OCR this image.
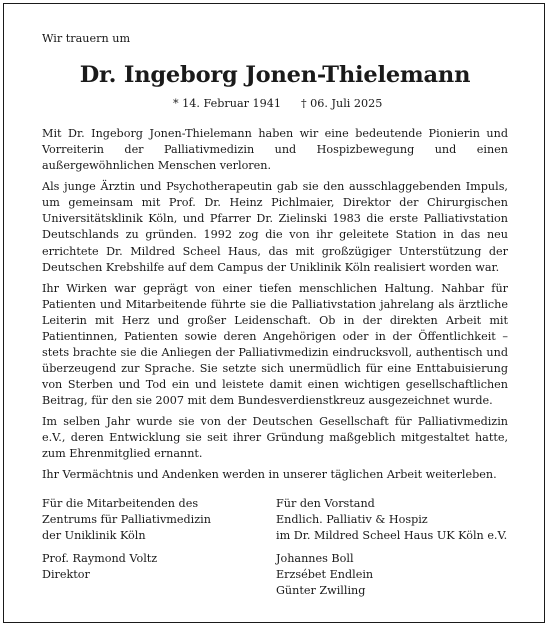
Wir trauern um
Dr. Ingeborg Jonen-Thielemann
* 14. Februar 1941 † 06. Juli 2025

Mit Dr. Ingeborg Jonen-Thielemann haben wir eine bedeutende Pionierin und Vorreiterin der Palliativmedizin und Hospizbewegung und einen außergewöhnlichen Menschen verloren.

Als junge Ärztin und Psychotherapeutin gab sie den ausschlaggebenden Impuls, um gemeinsam mit Prof. Dr. Heinz Pichlmaier, Direktor der Chirurgischen Universitätsklinik Köln, und Pfarrer Dr. Zielinski 1983 die erste Palliativstation Deutschlands zu gründen. 1992 zog die von ihr geleitete Station in das neu errichtete Dr. Mildred Scheel Haus, das mit großzügiger Unterstützung der Deutschen Krebshilfe auf dem Campus der Uniklinik Köln realisiert worden war.

Ihr Wirken war geprägt von einer tiefen menschlichen Haltung. Nahbar für Patienten und Mitarbeitende führte sie die Palliativstation jahrelang als ärztliche Leiterin mit Herz und großer Leidenschaft. Ob in der direkten Arbeit mit Patientinnen, Patienten sowie deren Angehörigen oder in der Öffentlichkeit – stets brachte sie die Anliegen der Palliativmedizin eindrucksvoll, authentisch und überzeugend zur Sprache. Sie setzte sich unermüdlich für eine Enttabuisierung von Sterben und Tod ein und leistete damit einen wichtigen gesellschaftlichen Beitrag, für den sie 2007 mit dem Bundesverdienstkreuz ausgezeichnet wurde.

Im selben Jahr wurde sie von der Deutschen Gesellschaft für Palliativmedizin e.V., deren Entwicklung sie seit ihrer Gründung maßgeblich mitgestaltet hatte, zum Ehrenmitglied ernannt.

Ihr Vermächtnis und Andenken werden in unserer täglichen Arbeit weiterleben.

Für die Mitarbeitenden des
Zentrums für Palliativmedizin
der Uniklinik Köln
Prof. Raymond Voltz
Direktor
Für den Vorstand
Endlich. Palliativ & Hospiz
im Dr. Mildred Scheel Haus UK Köln e.V.
Johannes Boll
Erzsébet Endlein
Günter Zwilling
